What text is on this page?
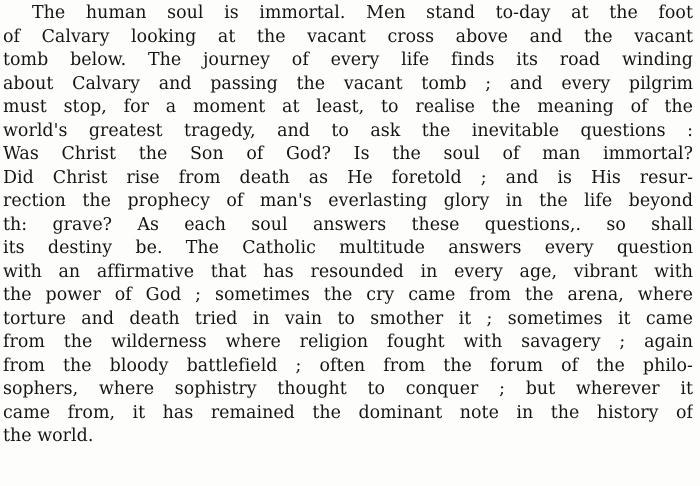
The human soul is immortal. Men stand to-day at the foot
of Calvary looking at the vacant cross above and the vacant
tomb below. The journey of every life finds its road winding
about Calvary and passing the vacant tomb ; and every pilgrim
must stop, for a moment at least, to realise the meaning of the
world's greatest tragedy, and to ask the inevitable questions :
Was Christ the Son of God? Is the soul of man immortal?
Did Christ rise from death as He foretold ; and is His resur-
rection the prophecy of man's everlasting glory in the life beyond
th: grave? As each soul answers these questions,. so shall
its destiny be. The Catholic multitude answers every question
with an affirmative that has resounded in every age, vibrant with
the power of God ; sometimes the cry came from the arena, where
torture and death tried in vain to smother it ; sometimes it came
from the wilderness where religion fought with savagery ; again
from the bloody battlefield ; often from the forum of the philo-
sophers, where sophistry thought to conquer ; but wherever it
came from, it has remained the dominant note in the history of
the world.
